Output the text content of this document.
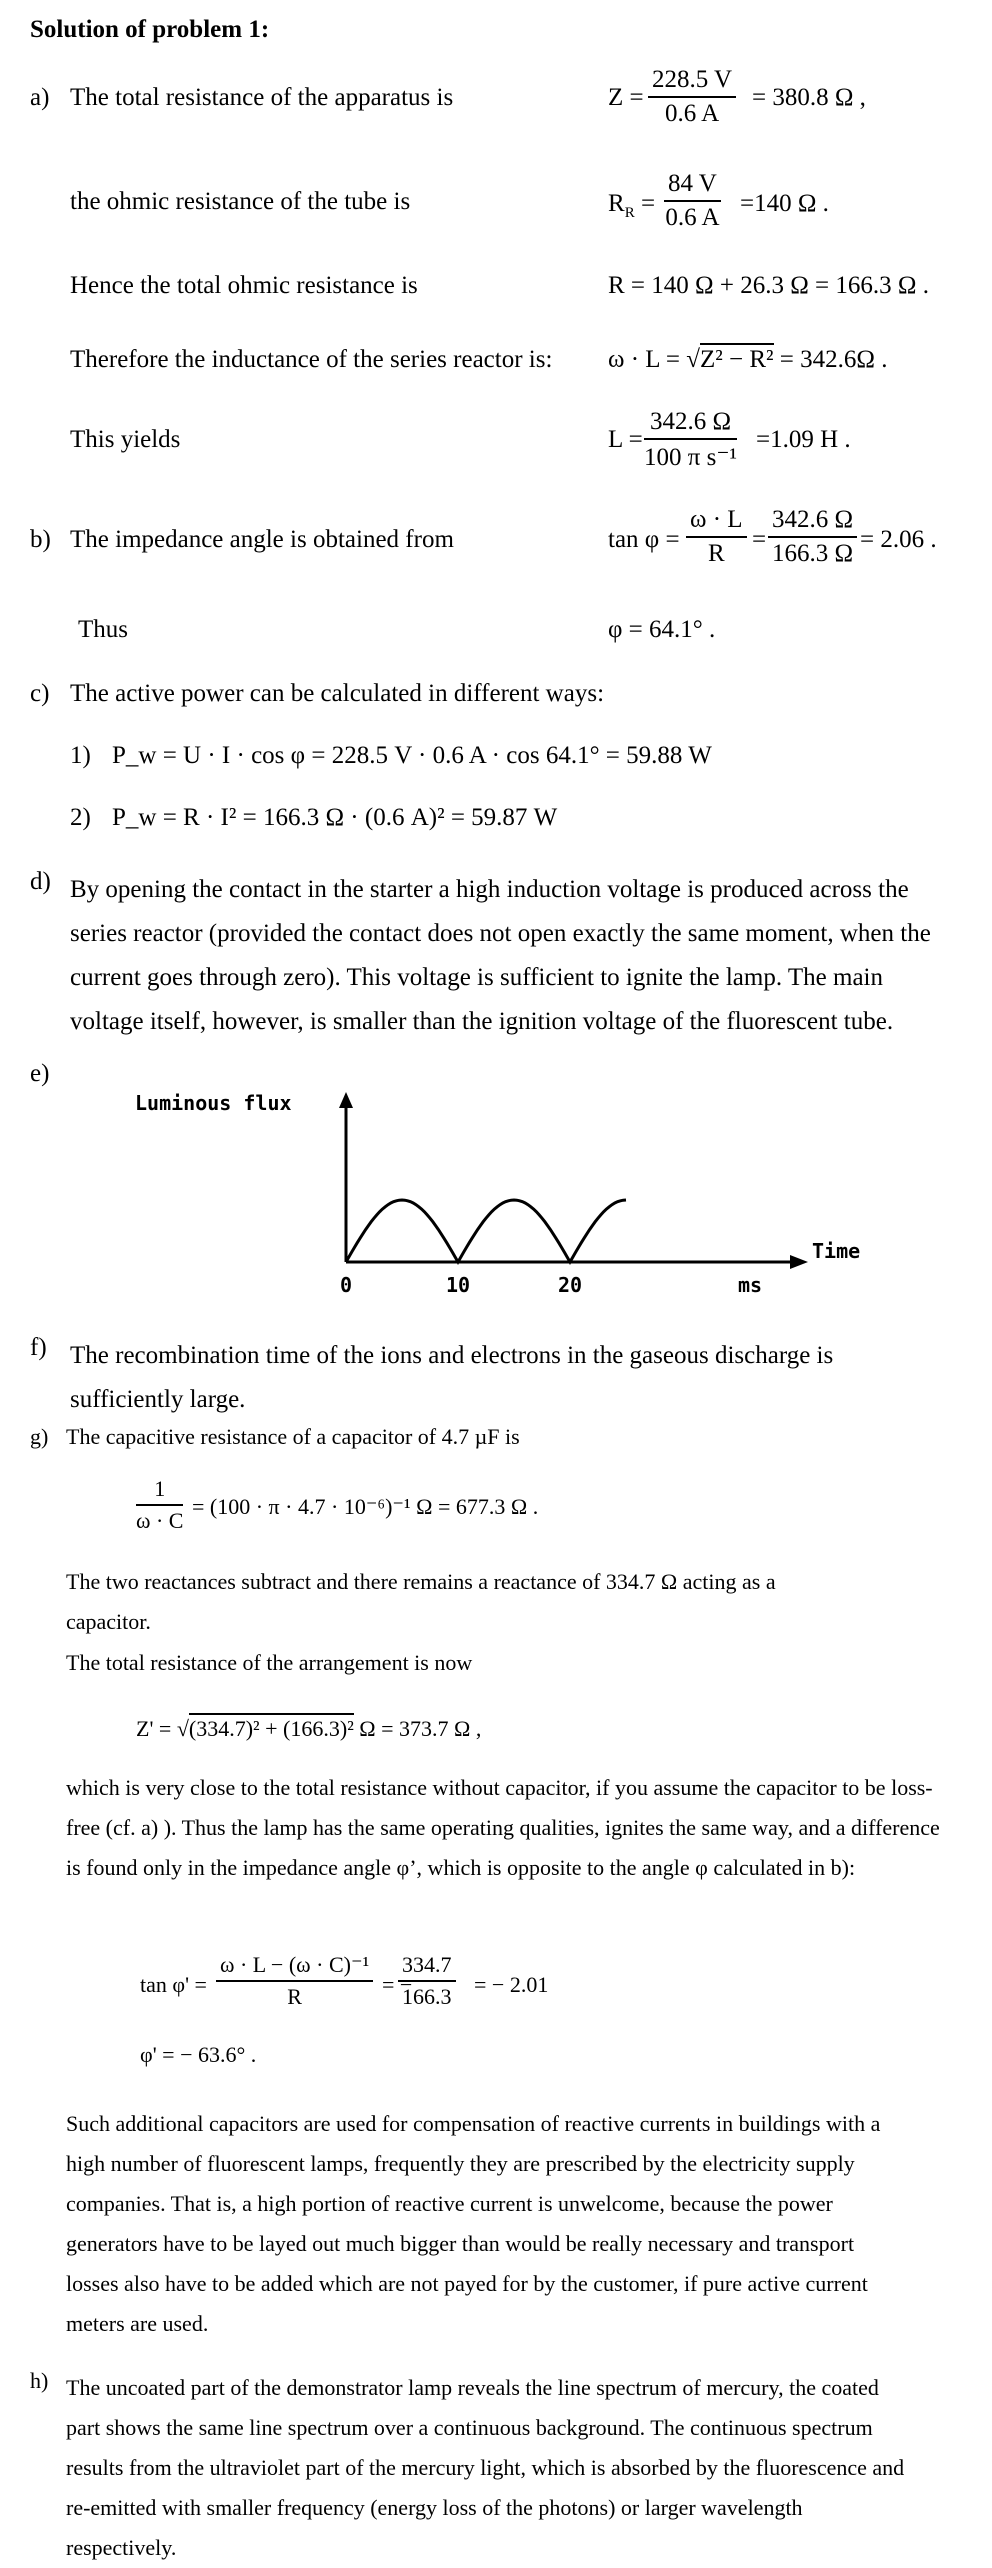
Solution of problem 1:
a) The total resistance of the apparatus is	$Z = \frac{228.5 V}{0.6 A} = 380.8$ Ω ,
the ohmic resistance of the tube is	$R_R = \frac{84 V}{0.6 A} =140$ Ω .
Hence the total ohmic resistance is	R = 140 Ω + 26.3 Ω = 166.3 Ω .
Therefore the inductance of the series reactor is: ω · L = √Z² − R² = 342.6Ω .
This yields	$L = \frac{342.6 \Omega}{\text{100 π s⁻¹}} =1.09$ H .
b) The impedance angle is obtained from	$\tan \varphi = \frac{\omega \cdot L}{R} = \frac{342.6 \Omega}{166.3 \Omega} = 2.06$ .
Thus	φ = 64.1° .
c) The active power can be calculated in different ways:
1) P_w = U · I · cos φ = 228.5 V · 0.6 A · cos 64.1° = 59.88 W
2) P_w = R · I² = 166.3 Ω · (0.6 A)² = 59.87 W
d) By opening the contact in the starter a high induction voltage is produced across the series reactor (provided the contact does not open exactly the same moment, when the current goes through zero). This voltage is sufficient to ignite the lamp. The main voltage itself, however, is smaller than the ignition voltage of the fluorescent tube.
e)
Luminous flux
Time
0	10	20	ms
f) The recombination time of the ions and electrons in the gaseous discharge is sufficiently large.
g) The capacitive resistance of a capacitor of 4.7 µF is
$\frac{1}{\omega \cdot C} = (100 \cdot \pi \cdot 4.7 \cdot 10^{-6})^{-1}$ Ω = 677.3 Ω .
The two reactances subtract and there remains a reactance of 334.7 Ω acting as a capacitor.
The total resistance of the arrangement is now
Z' = √(334.7)² + (166.3)² Ω = 373.7 Ω ,
which is very close to the total resistance without capacitor, if you assume the capacitor to be loss-free (cf. a) ). Thus the lamp has the same operating qualities, ignites the same way, and a difference is found only in the impedance angle φ’, which is opposite to the angle φ calculated in b):
$\tan \varphi' = \frac{\text{ω · L − (ω · C)⁻¹}}{R}$ = −
$\frac{334.7}{166.3}$ = − 2.01
φ' = − 63.6° .
Such additional capacitors are used for compensation of reactive currents in buildings with a high number of fluorescent lamps, frequently they are prescribed by the electricity supply companies. That is, a high portion of reactive current is unwelcome, because the power generators have to be layed out much bigger than would be really necessary and transport losses also have to be added which are not payed for by the customer, if pure active current meters are used.
h) The uncoated part of the demonstrator lamp reveals the line spectrum of mercury, the coated part shows the same line spectrum over a continuous background. The continuous spectrum results from the ultraviolet part of the mercury light, which is absorbed by the fluorescence and re-emitted with smaller frequency (energy loss of the photons) or larger wavelength respectively.
